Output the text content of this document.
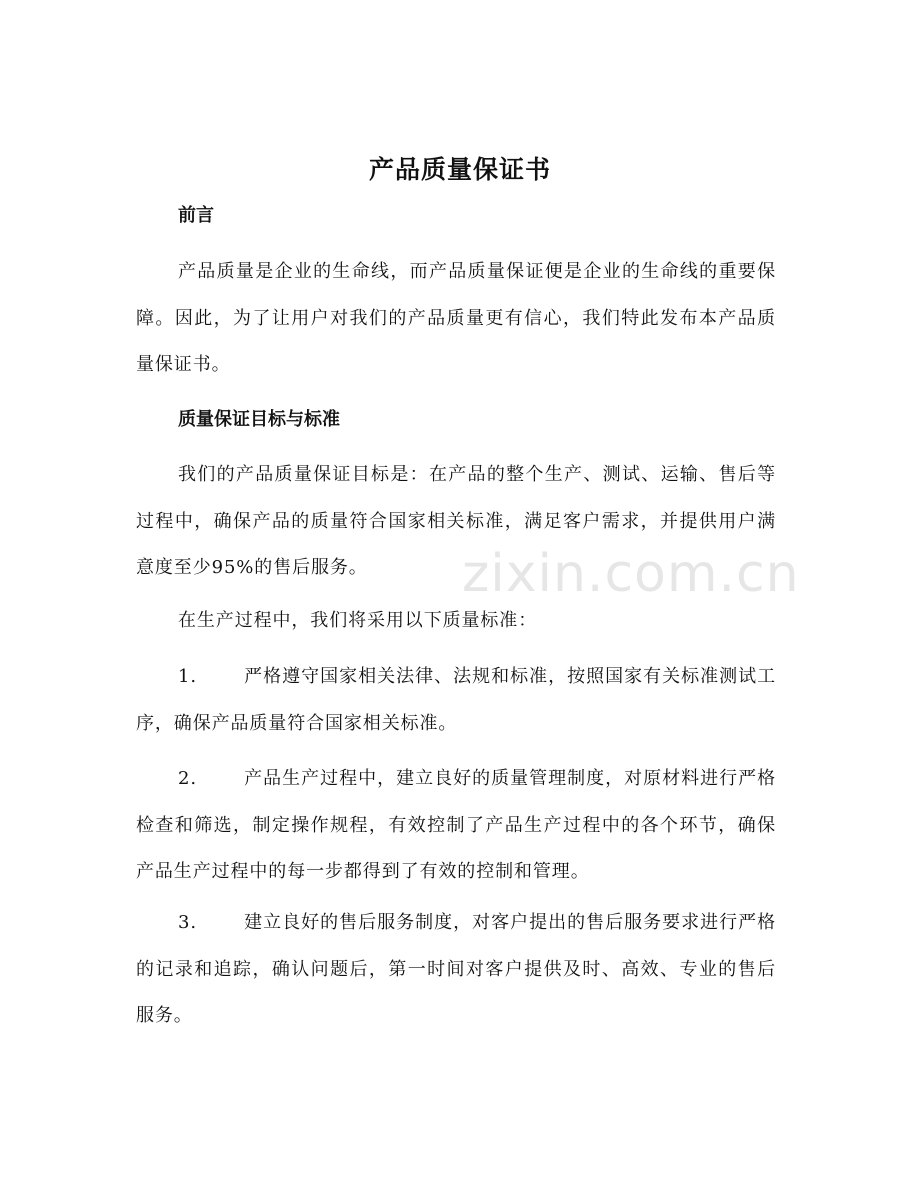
产品质量保证书
前言

产品质量是企业的生命线，而产品质量保证便是企业的生命线的重要保障。因此，为了让用户对我们的产品质量更有信心，我们特此发布本产品质量保证书。

质量保证目标与标准

我们的产品质量保证目标是：在产品的整个生产、测试、运输、售后等过程中，确保产品的质量符合国家相关标准，满足客户需求，并提供用户满意度至少95%的售后服务。

在生产过程中，我们将采用以下质量标准：

1.	严格遵守国家相关法律、法规和标准，按照国家有关标准测试工序，确保产品质量符合国家相关标准。

2.	产品生产过程中，建立良好的质量管理制度，对原材料进行严格检查和筛选，制定操作规程，有效控制了产品生产过程中的各个环节，确保产品生产过程中的每一步都得到了有效的控制和管理。

3.	建立良好的售后服务制度，对客户提出的售后服务要求进行严格的记录和追踪，确认问题后，第一时间对客户提供及时、高效、专业的售后服务。

zixin.com.cn
